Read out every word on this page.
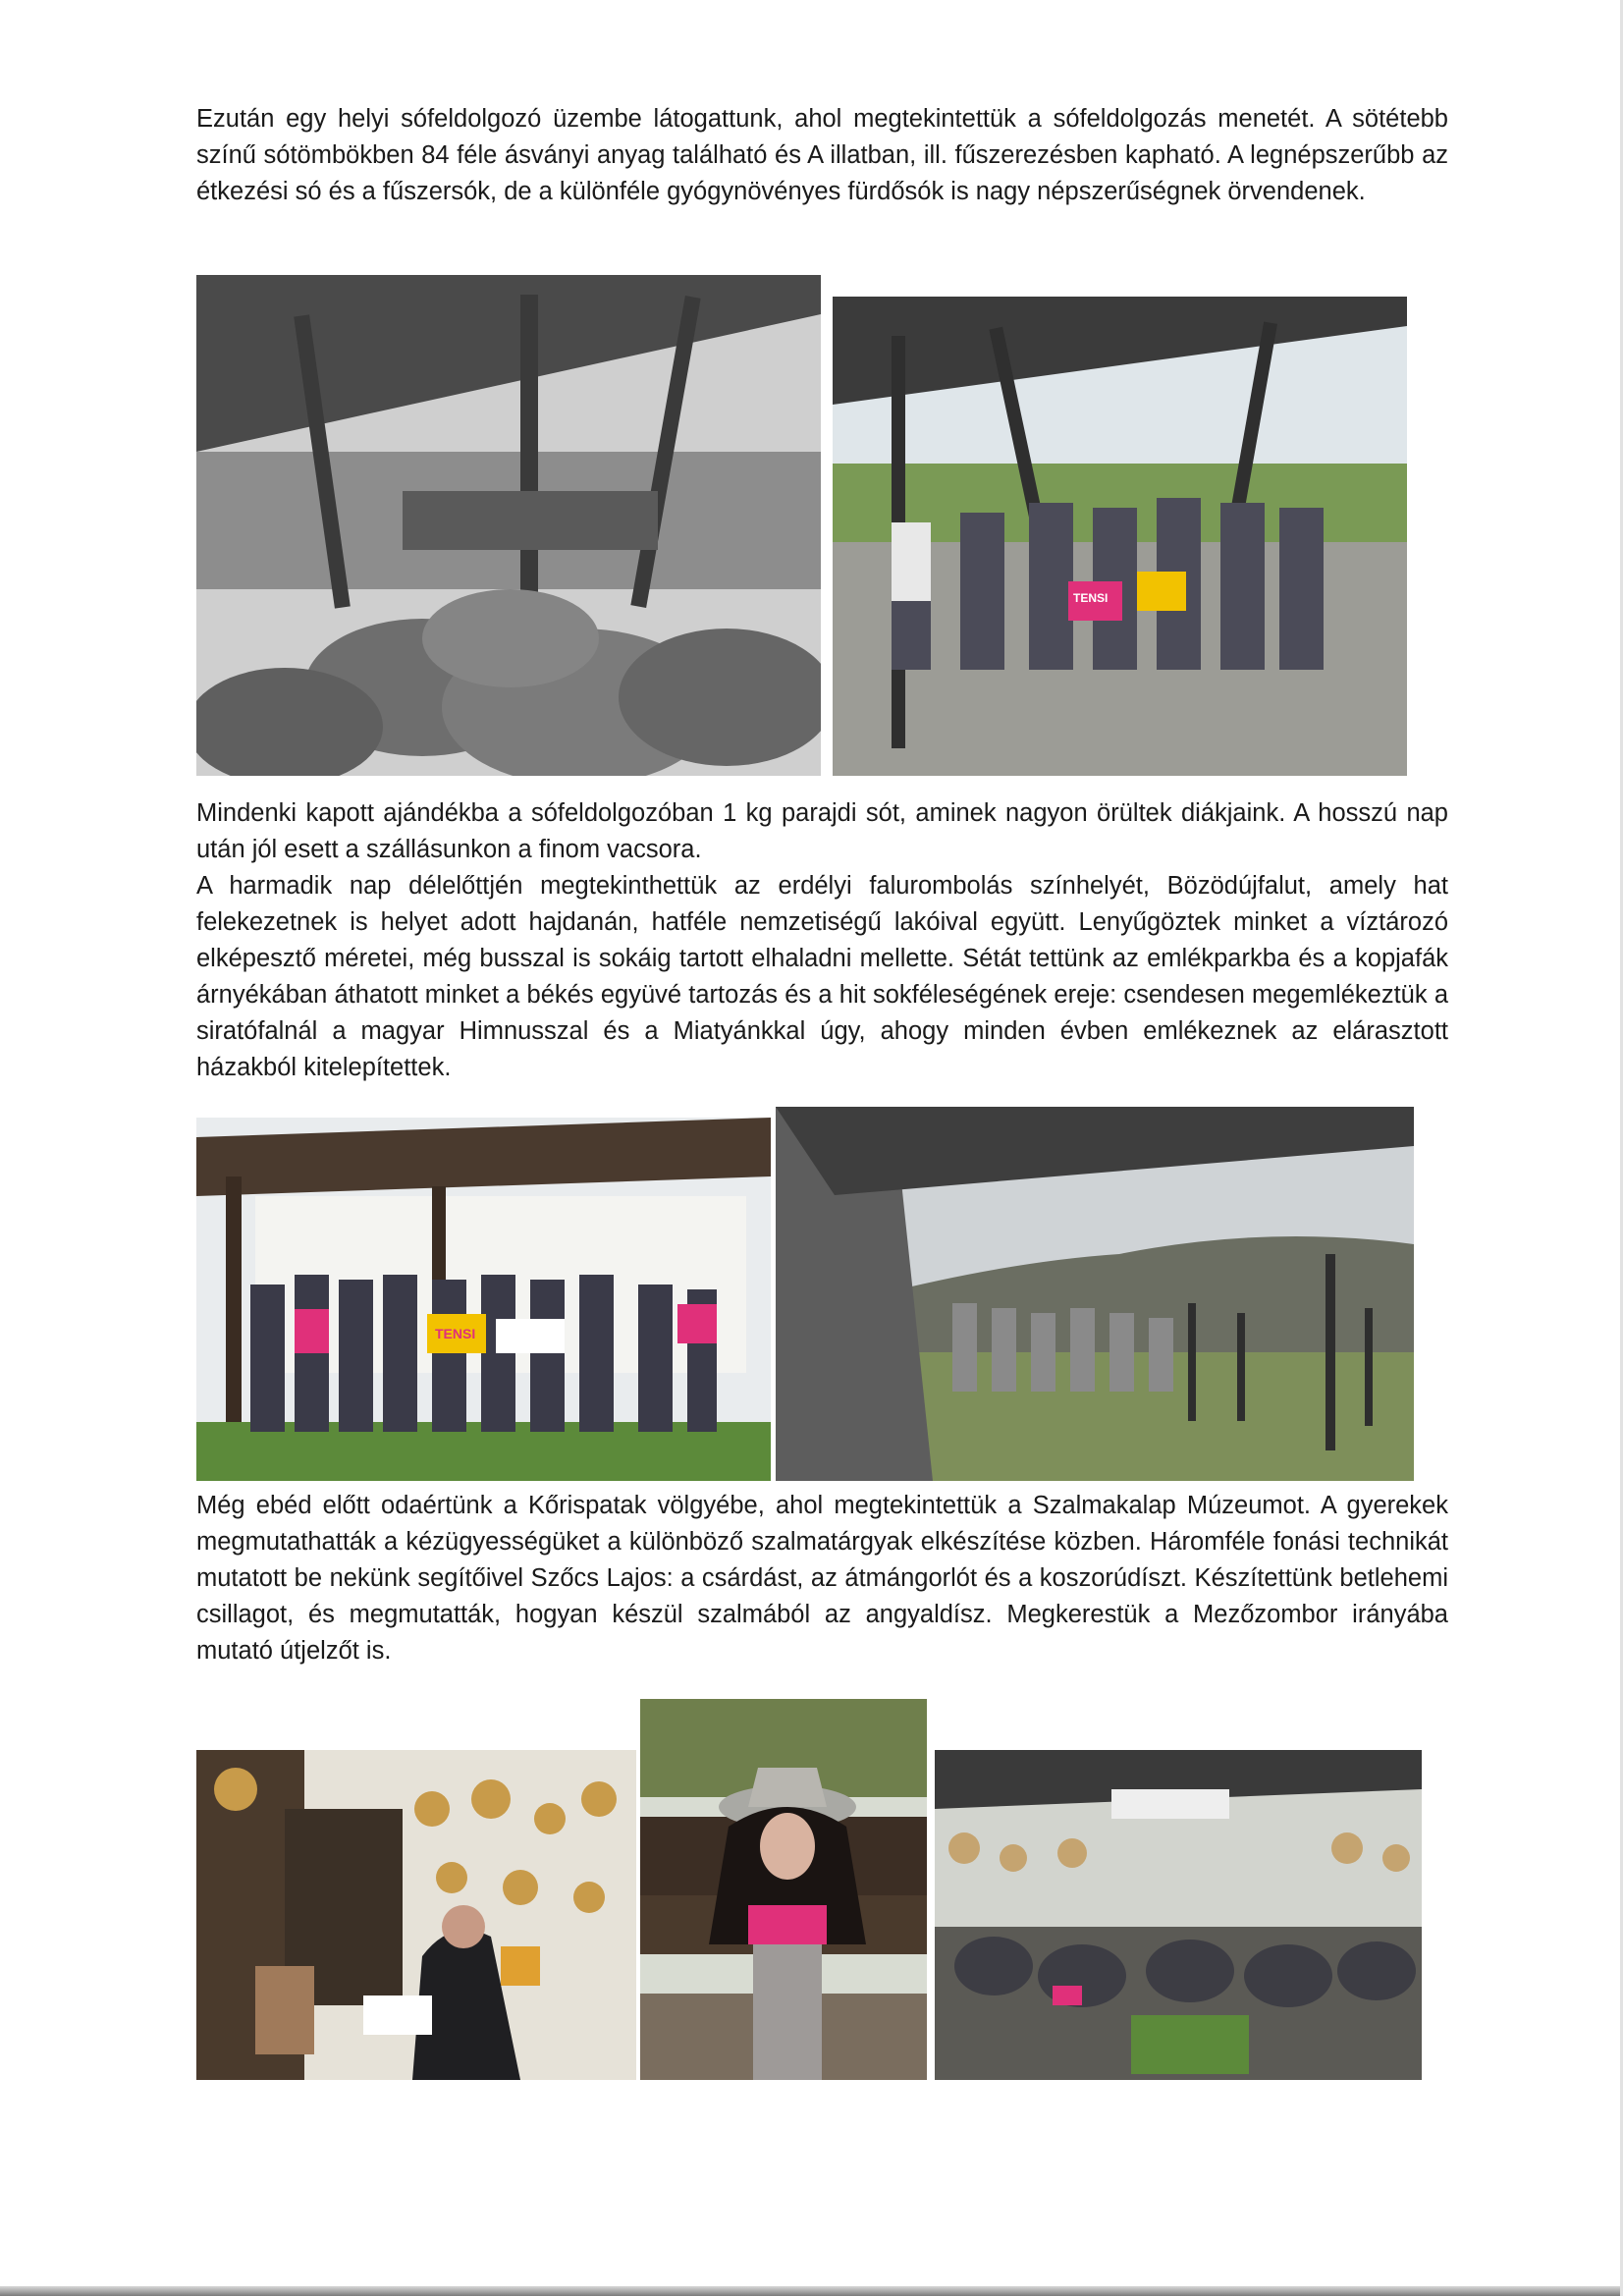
Ezután egy helyi sófeldolgozó üzembe látogattunk, ahol megtekintettük a sófeldolgozás menetét. A sötétebb színű sótömbökben 84 féle ásványi anyag található és A illatban, ill. fűszerezésben kapható. A legnépszerűbb az étkezési só és a fűszersók, de a különféle gyógynövényes fürdősók is nagy népszerűségnek örvendenek.

TENSI

Mindenki kapott ajándékba a sófeldolgozóban 1 kg parajdi sót, aminek nagyon örültek diákjaink. A hosszú nap után jól esett a szállásunkon a finom vacsora.

A harmadik nap délelőttjén megtekinthettük az erdélyi falurombolás színhelyét, Bözödújfalut, amely hat felekezetnek is helyet adott hajdanán, hatféle nemzetiségű lakóival együtt. Lenyűgöztek minket a víztározó elképesztő méretei, még busszal is sokáig tartott elhaladni mellette. Sétát tettünk az emlékparkba és a kopjafák árnyékában áthatott minket a békés együvé tartozás és a hit sokféleségének ereje: csendesen megemlékeztük a siratófalnál a magyar Himnusszal és a Miatyánkkal úgy, ahogy minden évben emlékeznek az elárasztott házakból kitelepítettek.

TENSI

Még ebéd előtt odaértünk a Kőrispatak völgyébe, ahol megtekintettük a Szalmakalap Múzeumot. A gyerekek megmutathatták a kézügyességüket a különböző szalmatárgyak elkészítése közben. Háromféle fonási technikát mutatott be nekünk segítőivel Szőcs Lajos: a csárdást, az átmángorlót és a koszorúdíszt. Készítettünk betlehemi csillagot, és megmutatták, hogyan készül szalmából az angyaldísz. Megkerestük a Mezőzombor irányába mutató útjelzőt is.
